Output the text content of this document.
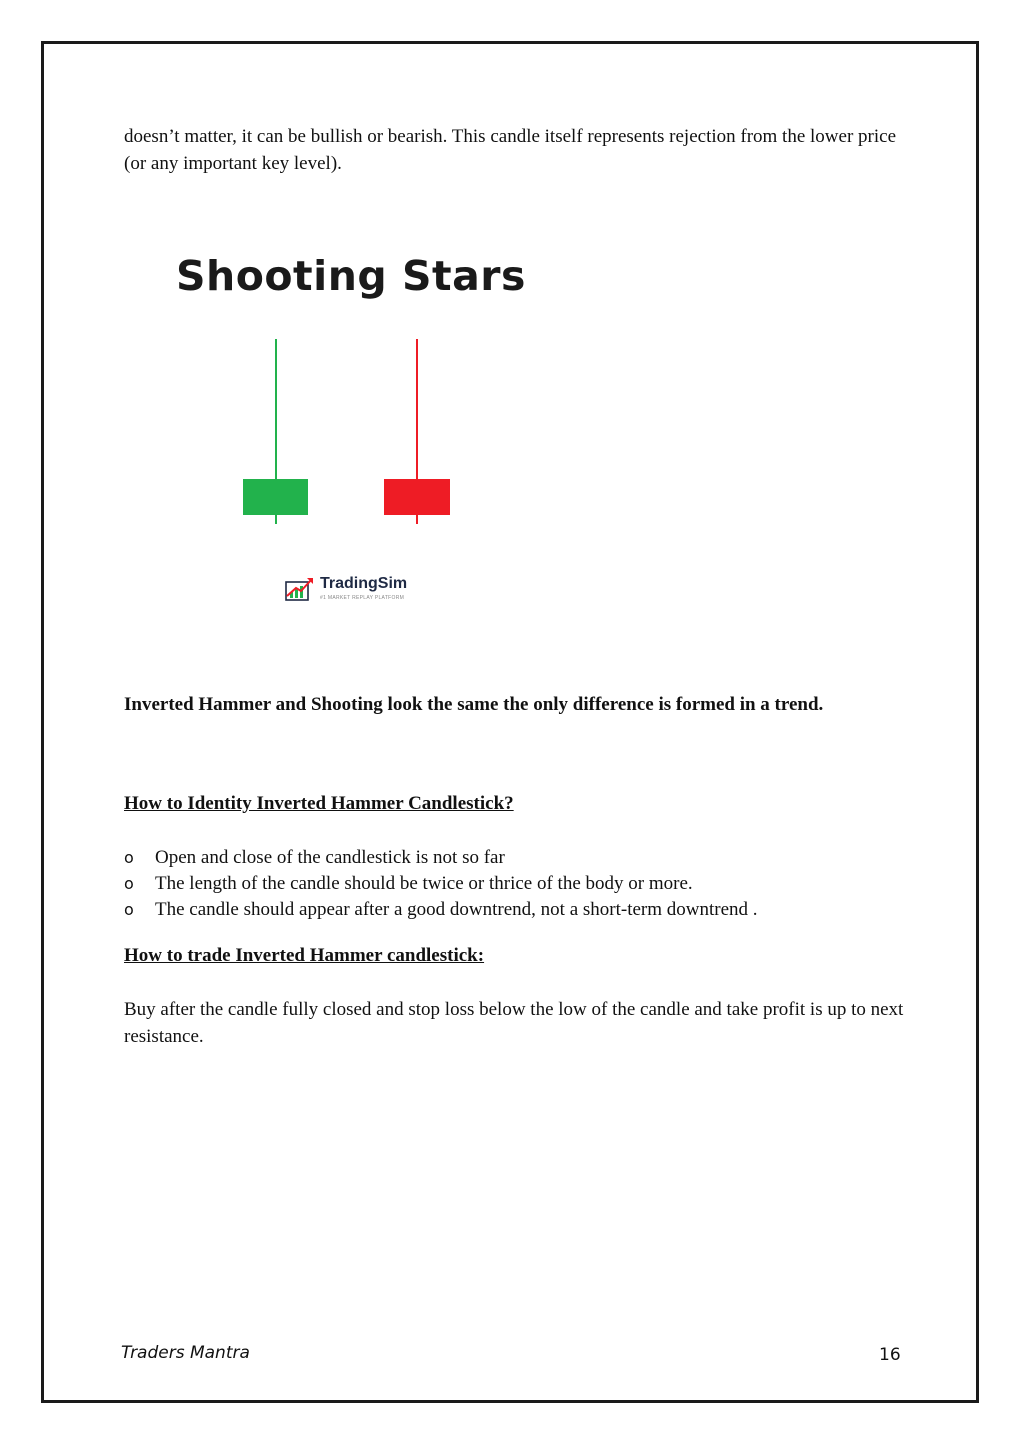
doesn’t matter, it can be bullish or bearish. This candle itself represents rejection from the lower price (or any important key level).

Shooting Stars
TradingSim
#1 MARKET REPLAY PLATFORM

Inverted Hammer and Shooting look the same the only difference is formed in a trend.

How to Identity Inverted Hammer Candlestick?

o Open and close of the candlestick is not so far
o The length of the candle should be twice or thrice of the body or more.
o The candle should appear after a good downtrend, not a short-term downtrend .

How to trade Inverted Hammer candlestick:

Buy after the candle fully closed and stop loss below the low of the candle and take profit is up to next resistance.

Traders Mantra	16
